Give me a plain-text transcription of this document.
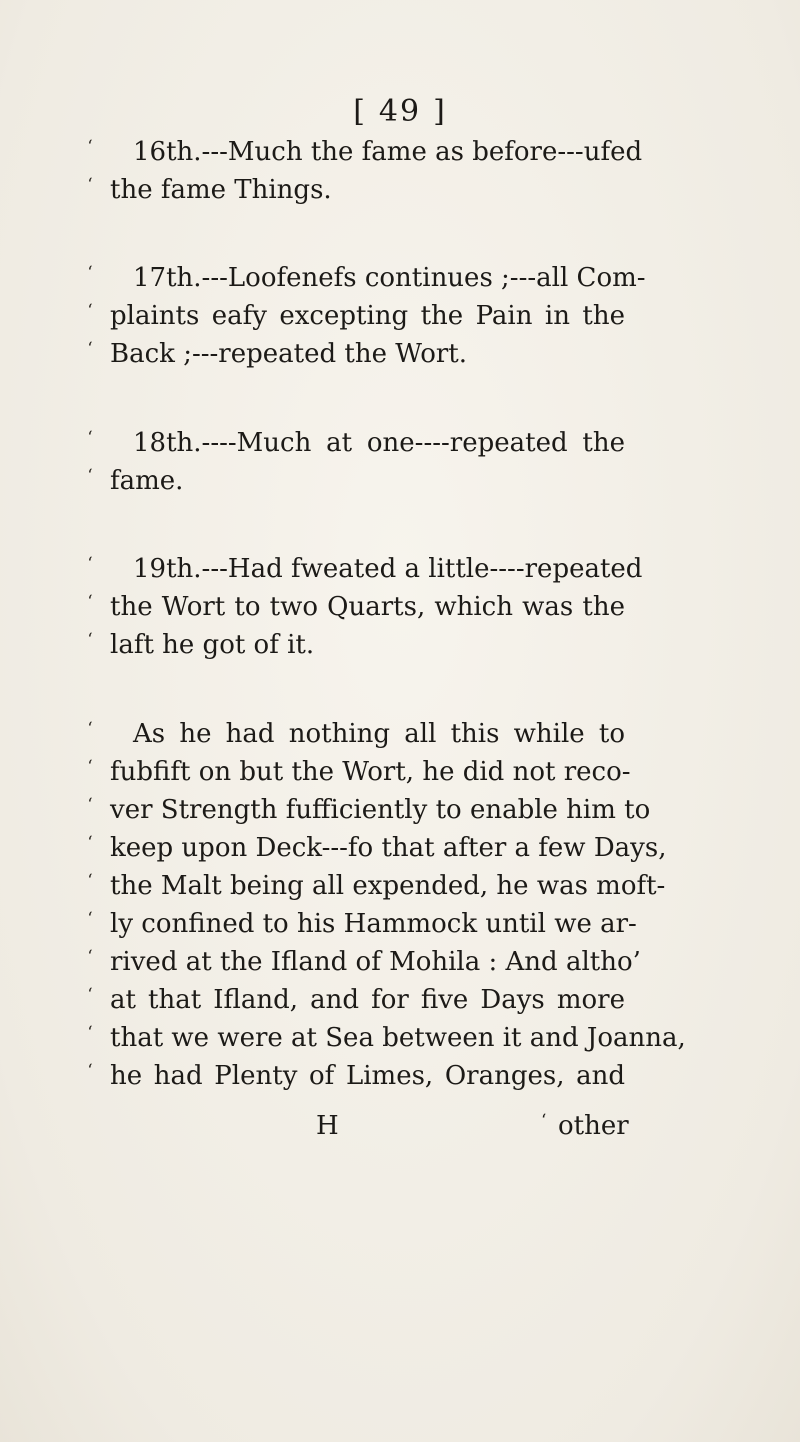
[ 49 ]
‘ 16th.---Much the fame as before---ufed
‘ the fame Things.
‘ 17th.---Loofenefs continues ;---all Com-
‘ plaints eafy excepting the Pain in the
‘ Back ;---repeated the Wort.
‘ 18th.----Much at one----repeated the
‘ fame.
‘ 19th.---Had fweated a little----repeated
‘ the Wort to two Quarts, which was the
‘ laft he got of it.
‘ As he had nothing all this while to
‘ fubfift on but the Wort, he did not reco-
‘ ver Strength fufficiently to enable him to
‘ keep upon Deck---fo that after a few Days,
‘ the Malt being all expended, he was moft-
‘ ly confined to his Hammock until we ar-
‘ rived at the Ifland of Mohila : And altho’
‘ at that Ifland, and for five Days more
‘ that we were at Sea between it and Joanna,
‘ he had Plenty of Limes, Oranges, and
H	‘ other
